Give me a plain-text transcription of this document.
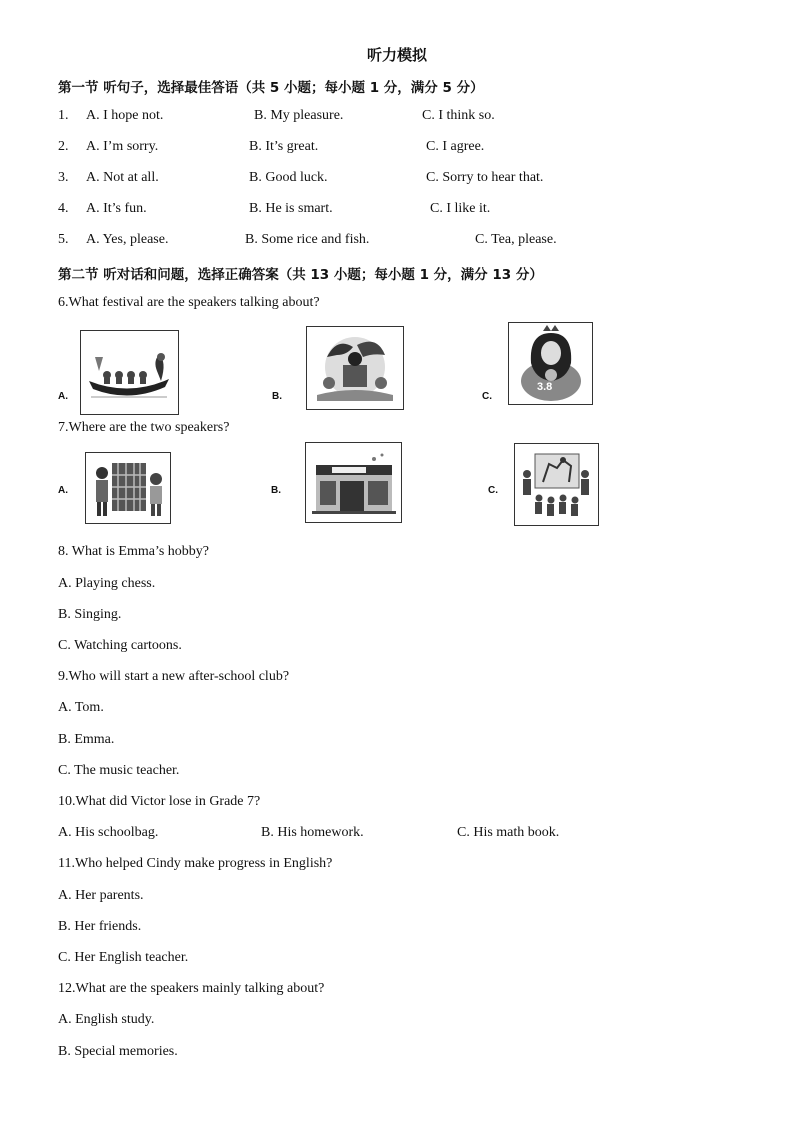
听力模拟
第一节 听句子，选择最佳答语（共 5 小题；每小题 1 分，满分 5 分）
1. A. I hope not.	B. My pleasure.	C. I think so.
2. A. I’m sorry.	B. It’s great.	C. I agree.
3. A. Not at all.	B. Good luck.	C. Sorry to hear that.
4. A. It’s fun.	B. He is smart.	C. I like it.
5. A. Yes, please.	B. Some rice and fish.	C. Tea, please.
第二节 听对话和问题，选择正确答案（共 13 小题；每小题 1 分，满分 13 分）
6.What festival are the speakers talking about?
A.	B.	C.
3.8
7.Where are the two speakers?
A.	B.	C.
8. What is Emma’s hobby?
A. Playing chess.
B. Singing.
C. Watching cartoons.
9.Who will start a new after-school club?
A. Tom.
B. Emma.
C. The music teacher.
10.What did Victor lose in Grade 7?
A. His schoolbag.	B. His homework.	C. His math book.
11.Who helped Cindy make progress in English?
A. Her parents.
B. Her friends.
C. Her English teacher.
12.What are the speakers mainly talking about?
A. English study.
B. Special memories.
